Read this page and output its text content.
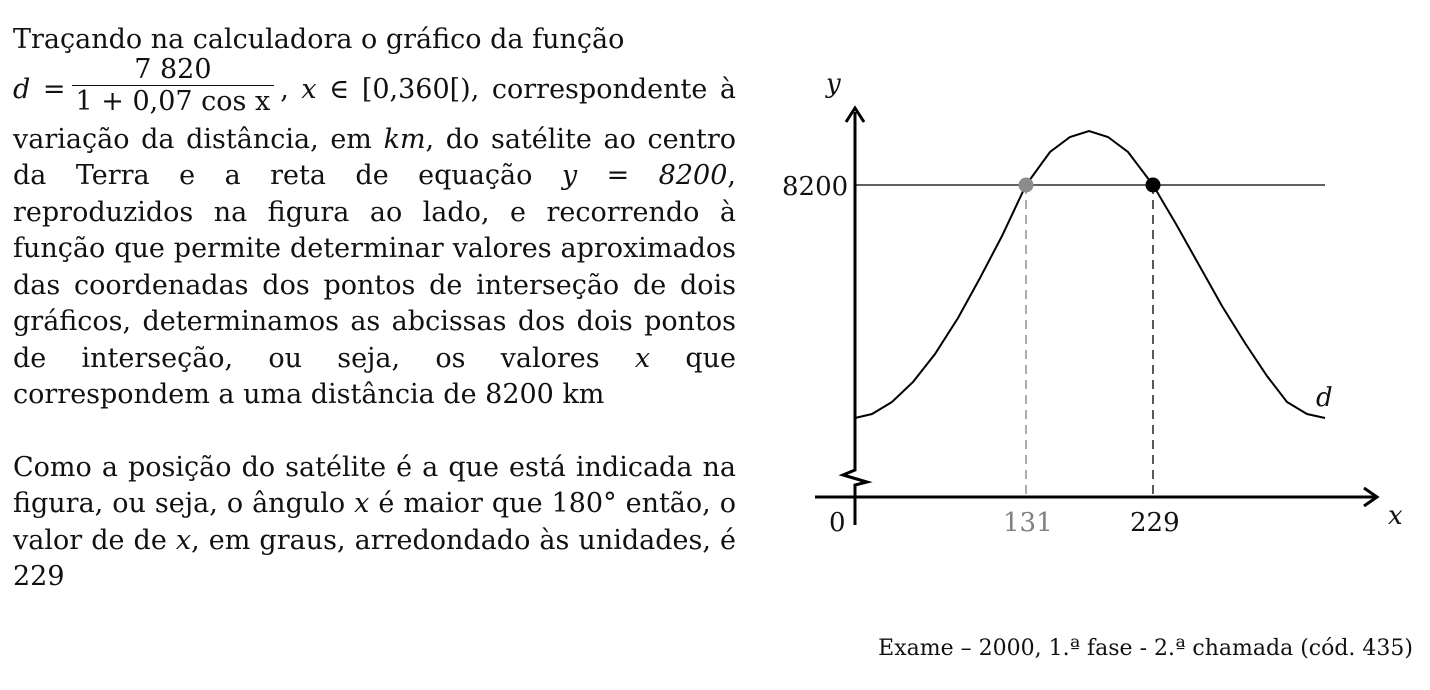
Traçando na calculadora o gráfico da função
$d = \frac{7 820}{\text{1 + 0,07 cos x}}$ , x ∈ [0,360[), correspondente à variação da distância, em km, do satélite ao centro da Terra e a reta de equação y = 8200, reproduzidos na figura ao lado, e recorrendo à função que permite determinar valores aproximados das coordenadas dos pontos de interseção de dois gráficos, determinamos as abcissas dos dois pontos de interseção, ou seja, os valores x que correspondem a uma distância de 8200 km

Como a posição do satélite é a que está indicada na figura, ou seja, o ângulo x é maior que 180° então, o valor de de x, em graus, arredondado às unidades, é 229

y
x
d
8200
0	131	229
Exame – 2000, 1.ª fase - 2.ª chamada (cód. 435)
